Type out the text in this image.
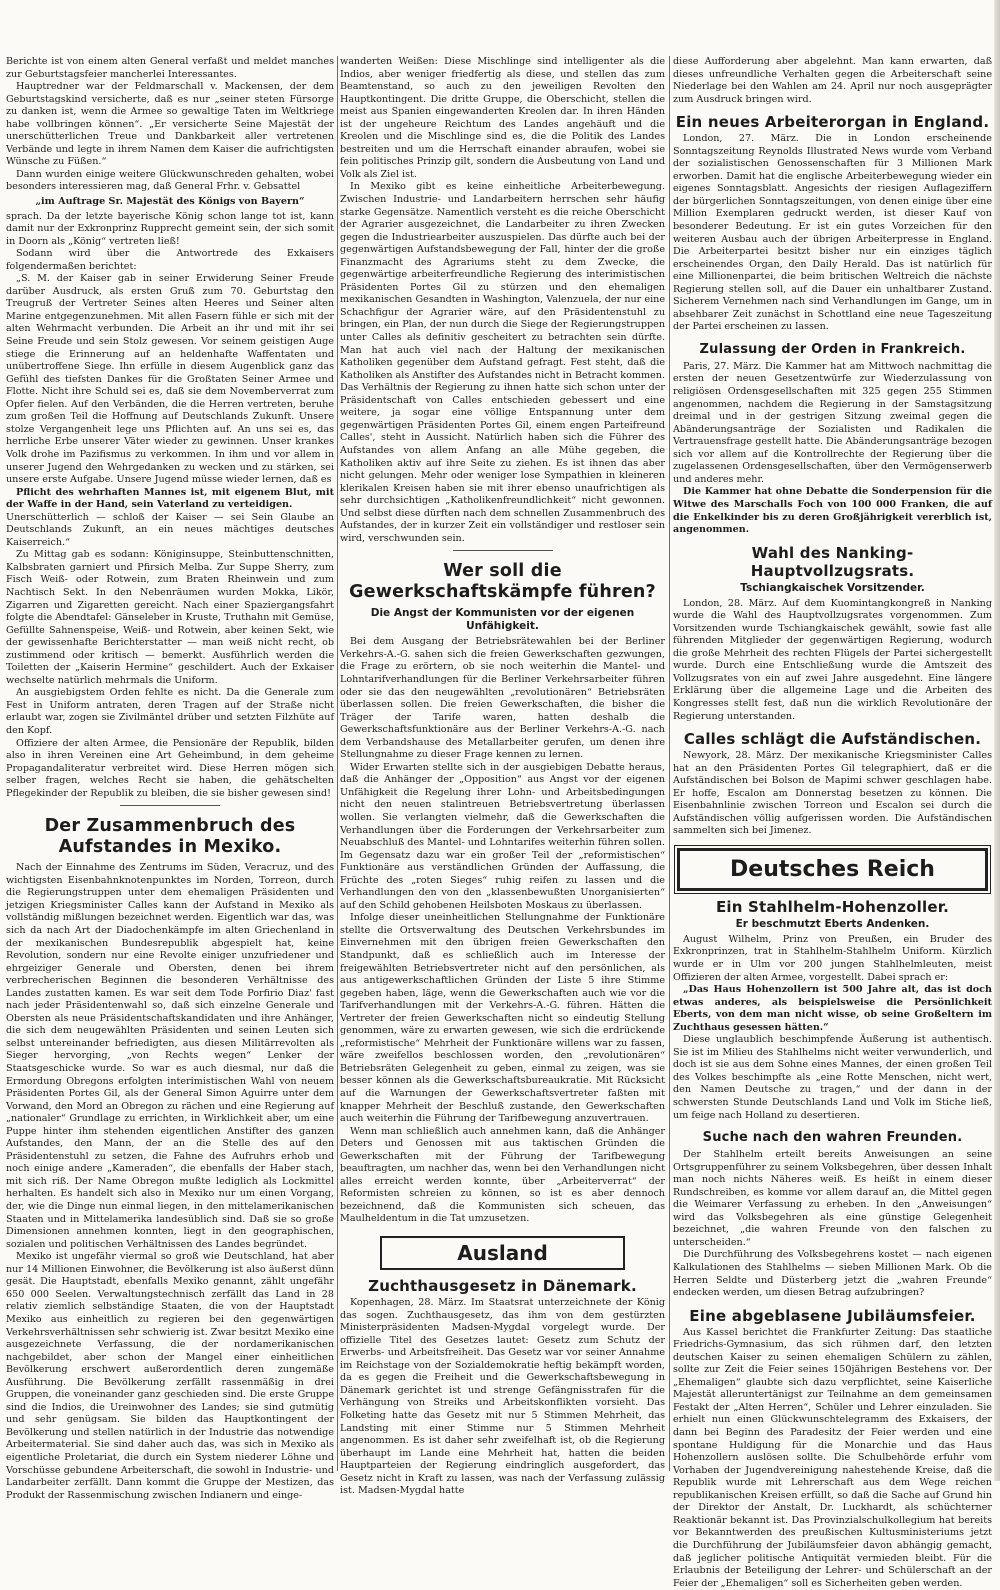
Berichte ist von einem alten General verfaßt und meldet manches zur Geburtstagsfeier mancherlei Interessantes.

Hauptredner war der Feldmarschall v. Mackensen, der dem Geburtstagskind versicherte, daß es nur „seiner steten Fürsorge zu danken ist, wenn die Armee so gewaltige Taten im Weltkriege habe vollbringen können“. „Er versicherte Seine Majestät der unerschütterlichen Treue und Dankbarkeit aller vertretenen Verbände und legte in ihrem Namen dem Kaiser die aufrichtigsten Wünsche zu Füßen.“

Dann wurden einige weitere Glückwunschreden gehalten, wobei besonders interessieren mag, daß General Frhr. v. Gebsattel

„im Auftrage Sr. Majestät des Königs von Bayern“

sprach. Da der letzte bayerische König schon lange tot ist, kann damit nur der Exkronprinz Rupprecht gemeint sein, der sich somit in Doorn als „König“ vertreten ließ!

Sodann wird über die Antwortrede des Exkaisers folgendermaßen berichtet:

„S. M. der Kaiser gab in seiner Erwiderung Seiner Freude darüber Ausdruck, als ersten Gruß zum 70. Geburtstag den Treugruß der Vertreter Seines alten Heeres und Seiner alten Marine entgegenzunehmen. Mit allen Fasern fühle er sich mit der alten Wehrmacht verbunden. Die Arbeit an ihr und mit ihr sei Seine Freude und sein Stolz gewesen. Vor seinem geistigen Auge stiege die Erinnerung auf an heldenhafte Waffentaten und unübertroffene Siege. Ihn erfülle in diesem Augenblick ganz das Gefühl des tiefsten Dankes für die Großtaten Seiner Armee und Flotte. Nicht ihre Schuld sei es, daß sie dem Novemberverrat zum Opfer fielen. Auf den Verbänden, die die Herren vertreten, beruhe zum großen Teil die Hoffnung auf Deutschlands Zukunft. Unsere stolze Vergangenheit lege uns Pflichten auf. An uns sei es, das herrliche Erbe unserer Väter wieder zu gewinnen. Unser krankes Volk drohe im Pazifismus zu verkommen. In ihm und vor allem in unserer Jugend den Wehrgedanken zu wecken und zu stärken, sei unsere erste Aufgabe. Unsere Jugend müsse wieder lernen, daß es

Pflicht des wehrhaften Mannes ist, mit eigenem Blut, mit der Waffe in der Hand, sein Vaterland zu verteidigen.

Unerschütterlich — schloß der Kaiser — sei Sein Glaube an Deutschlands Zukunft, an ein neues mächtiges deutsches Kaiserreich.“

Zu Mittag gab es sodann: Königinsuppe, Steinbuttenschnitten, Kalbsbraten garniert und Pfirsich Melba. Zur Suppe Sherry, zum Fisch Weiß- oder Rotwein, zum Braten Rheinwein und zum Nachtisch Sekt. In den Nebenräumen wurden Mokka, Likör, Zigarren und Zigaretten gereicht. Nach einer Spaziergangsfahrt folgte die Abendtafel: Gänseleber in Kruste, Truthahn mit Gemüse, Gefüllte Sahnenspeise, Weiß- und Rotwein, aber keinen Sekt, wie der gewissenhafte Berichterstatter — man weiß nicht recht, ob zustimmend oder kritisch — bemerkt. Ausführlich werden die Toiletten der „Kaiserin Hermine“ geschildert. Auch der Exkaiser wechselte natürlich mehrmals die Uniform.

An ausgiebigstem Orden fehlte es nicht. Da die Generale zum Fest in Uniform antraten, deren Tragen auf der Straße nicht erlaubt war, zogen sie Zivilmäntel drüber und setzten Filzhüte auf den Kopf.

Offiziere der alten Armee, die Pensionäre der Republik, bilden also in ihren Vereinen eine Art Geheimbund, in dem geheime Propagandaliteratur verbreitet wird. Diese Herren mögen sich selber fragen, welches Recht sie haben, die gehätschelten Pflegekinder der Republik zu bleiben, die sie bisher gewesen sind!

Der Zusammenbruch des Aufstandes in Mexiko.

Nach der Einnahme des Zentrums im Süden, Veracruz, und des wichtigsten Eisenbahnknotenpunktes im Norden, Torreon, durch die Regierungstruppen unter dem ehemaligen Präsidenten und jetzigen Kriegsminister Calles kann der Aufstand in Mexiko als vollständig mißlungen bezeichnet werden. Eigentlich war das, was sich da nach Art der Diadochenkämpfe im alten Griechenland in der mexikanischen Bundesrepublik abgespielt hat, keine Revolution, sondern nur eine Revolte einiger unzufriedener und ehrgeiziger Generale und Obersten, denen bei ihrem verbrecherischen Beginnen die besonderen Verhältnisse des Landes zustatten kamen. Es war seit dem Tode Porfirio Diaz' fast nach jeder Präsidentenwahl so, daß sich einzelne Generale und Obersten als neue Präsidentschaftskandidaten und ihre Anhänger, die sich dem neugewählten Präsidenten und seinen Leuten sich selbst untereinander befriedigten, aus diesen Militärrevolten als Sieger hervorging, „von Rechts wegen“ Lenker der Staatsgeschicke wurde. So war es auch diesmal, nur daß die Ermordung Obregons erfolgten interimistischen Wahl von neuem Präsidenten Portes Gil, als der General Simon Aguirre unter dem Vorwand, den Mord an Obregon zu rächen und eine Regierung auf „nationaler“ Grundlage zu errichten, in Wirklichkeit aber, um eine Puppe hinter ihm stehenden eigentlichen Anstifter des ganzen Aufstandes, den Mann, der an die Stelle des auf den Präsidentenstuhl zu setzen, die Fahne des Aufruhrs erhob und noch einige andere „Kameraden“, die ebenfalls der Haber stach, mit sich riß. Der Name Obregon mußte lediglich als Lockmittel herhalten. Es handelt sich also in Mexiko nur um einen Vorgang, der, wie die Dinge nun einmal liegen, in den mittelamerikanischen Staaten und in Mittelamerika landesüblich sind. Daß sie so große Dimensionen annehmen konnten, liegt in den geographischen, sozialen und politischen Verhältnissen des Landes begründet.

Mexiko ist ungefähr viermal so groß wie Deutschland, hat aber nur 14 Millionen Einwohner, die Bevölkerung ist also äußerst dünn gesät. Die Hauptstadt, ebenfalls Mexiko genannt, zählt ungefähr 650 000 Seelen. Verwaltungstechnisch zerfällt das Land in 28 relativ ziemlich selbständige Staaten, die von der Hauptstadt Mexiko aus einheitlich zu regieren bei den gegenwärtigen Verkehrsverhältnissen sehr schwierig ist. Zwar besitzt Mexiko eine ausgezeichnete Verfassung, die der nordamerikanischen nachgebildet, aber schon der Mangel einer einheitlichen Bevölkerung erschwert außerordentlich deren zungemäße Ausführung. Die Bevölkerung zerfällt rassenmäßig in drei Gruppen, die voneinander ganz geschieden sind. Die erste Gruppe sind die Indios, die Ureinwohner des Landes; sie sind gutmütig und sehr genügsam. Sie bilden das Hauptkontingent der Bevölkerung und stellen natürlich in der Industrie das notwendige Arbeitermaterial. Sie sind daher auch das, was sich in Mexiko als eigentliche Proletariat, die durch ein System niederer Löhne und Vorschüsse gebundene Arbeiterschaft, die sowohl in Industrie- und Landarbeiter zerfällt. Dann kommt die Gruppe der Mestizen, das Produkt der Rassenmischung zwischen Indianern und einge-

wanderten Weißen: Diese Mischlinge sind intelligenter als die Indios, aber weniger friedfertig als diese, und stellen das zum Beamtenstand, so auch zu den jeweiligen Revolten den Hauptkontingent. Die dritte Gruppe, die Oberschicht, stellen die meist aus Spanien eingewanderten Kreolen dar. In ihren Händen ist der ungeheure Reichtum des Landes angehäuft und die Kreolen und die Mischlinge sind es, die die Politik des Landes bestreiten und um die Herrschaft einander abraufen, wobei sie fein politisches Prinzip gilt, sondern die Ausbeutung von Land und Volk als Ziel ist.

In Mexiko gibt es keine einheitliche Arbeiterbewegung. Zwischen Industrie- und Landarbeitern herrschen sehr häufig starke Gegensätze. Namentlich versteht es die reiche Oberschicht der Agrarier ausgezeichnet, die Landarbeiter zu ihren Zwecken gegen die Industriearbeiter auszuspielen. Das dürfte auch bei der gegenwärtigen Aufstandsbewegung der Fall, hinter der die große Finanzmacht des Agrariums steht zu dem Zwecke, die gegenwärtige arbeiterfreundliche Regierung des interimistischen Präsidenten Portes Gil zu stürzen und den ehemaligen mexikanischen Gesandten in Washington, Valenzuela, der nur eine Schachfigur der Agrarier wäre, auf den Präsidentenstuhl zu bringen, ein Plan, der nun durch die Siege der Regierungstruppen unter Calles als definitiv gescheitert zu betrachten sein dürfte. Man hat auch viel nach der Haltung der mexikanischen Katholiken gegenüber dem Aufstand gefragt. Fest steht, daß die Katholiken als Anstifter des Aufstandes nicht in Betracht kommen. Das Verhältnis der Regierung zu ihnen hatte sich schon unter der Präsidentschaft von Calles entschieden gebessert und eine weitere, ja sogar eine völlige Entspannung unter dem gegenwärtigen Präsidenten Portes Gil, einem engen Parteifreund Calles', steht in Aussicht. Natürlich haben sich die Führer des Aufstandes von allem Anfang an alle Mühe gegeben, die Katholiken aktiv auf ihre Seite zu ziehen. Es ist ihnen das aber nicht gelungen. Mehr oder weniger lose Sympathien in kleineren klerikalen Kreisen haben sie mit ihrer ebenso unaufrichtigen als sehr durchsichtigen „Katholikenfreundlichkeit“ nicht gewonnen. Und selbst diese dürften nach dem schnellen Zusammenbruch des Aufstandes, der in kurzer Zeit ein vollständiger und restloser sein wird, verschwunden sein.

Wer soll die Gewerkschaftskämpfe führen?
Die Angst der Kommunisten vor der eigenen Unfähigkeit.

Bei dem Ausgang der Betriebsrätewahlen bei der Berliner Verkehrs-A.-G. sahen sich die freien Gewerkschaften gezwungen, die Frage zu erörtern, ob sie noch weiterhin die Mantel- und Lohntarifverhandlungen für die Berliner Verkehrsarbeiter führen oder sie das den neugewählten „revolutionären“ Betriebsräten überlassen sollen. Die freien Gewerkschaften, die bisher die Träger der Tarife waren, hatten deshalb die Gewerkschaftsfunktionäre aus der Berliner Verkehrs-A.-G. nach dem Verbandshause des Metallarbeiter gerufen, um denen ihre Stellungnahme zu dieser Frage kennen zu lernen.

Wider Erwarten stellte sich in der ausgiebigen Debatte heraus, daß die Anhänger der „Opposition“ aus Angst vor der eigenen Unfähigkeit die Regelung ihrer Lohn- und Arbeitsbedingungen nicht den neuen stalintreuen Betriebsvertretung überlassen wollen. Sie verlangten vielmehr, daß die Gewerkschaften die Verhandlungen über die Forderungen der Verkehrsarbeiter zum Neuabschluß des Mantel- und Lohntarifes weiterhin führen sollen. Im Gegensatz dazu war ein großer Teil der „reformistischen“ Funktionäre aus verständlichen Gründen der Auffassung, die Früchte des „roten Sieges“ ruhig reifen zu lassen und die Verhandlungen den von den „klassenbewußten Unorganisierten“ auf den Schild gehobenen Heilsboten Moskaus zu überlassen.

Infolge dieser uneinheitlichen Stellungnahme der Funktionäre stellte die Ortsverwaltung des Deutschen Verkehrsbundes im Einvernehmen mit den übrigen freien Gewerkschaften den Standpunkt, daß es schließlich auch im Interesse der freigewählten Betriebsvertreter nicht auf den persönlichen, als aus antigewerkschaftlichen Gründen der Liste 5 ihre Stimme gegeben haben, läge, wenn die Gewerkschaften auch wie vor die Tarifverhandlungen mit der Verkehrs-A.-G. führen. Hätten die Vertreter der freien Gewerkschaften nicht so eindeutig Stellung genommen, wäre zu erwarten gewesen, wie sich die erdrückende „reformistische“ Mehrheit der Funktionäre willens war zu fassen, wäre zweifellos beschlossen worden, den „revolutionären“ Betriebsräten Gelegenheit zu geben, einmal zu zeigen, was sie besser können als die Gewerkschaftsbureaukratie. Mit Rücksicht auf die Warnungen der Gewerkschaftsvertreter faßten mit knapper Mehrheit der Beschluß zustande, den Gewerkschaften auch weiterhin die Führung der Tarifbewegung anzuvertrauen.

Wenn man schließlich auch annehmen kann, daß die Anhänger Deters und Genossen mit aus taktischen Gründen die Gewerkschaften mit der Führung der Tarifbewegung beauftragten, um nachher das, wenn bei den Verhandlungen nicht alles erreicht werden konnte, über „Arbeiterverrat“ der Reformisten schreien zu können, so ist es aber dennoch bezeichnend, daß die Kommunisten sich scheuen, das Maulheldentum in die Tat umzusetzen.

Ausland
Zuchthausgesetz in Dänemark.

Kopenhagen, 28. März. Im Staatsrat unterzeichnete der König das sogen. Zuchthausgesetz, das ihm von dem gestürzten Ministerpräsidenten Madsen-Mygdal vorgelegt wurde. Der offizielle Titel des Gesetzes lautet: Gesetz zum Schutz der Erwerbs- und Arbeitsfreiheit. Das Gesetz war vor seiner Annahme im Reichstage von der Sozialdemokratie heftig bekämpft worden, da es gegen die Freiheit und die Gewerkschaftsbewegung in Dänemark gerichtet ist und strenge Gefängnisstrafen für die Verhängung von Streiks und Arbeitskonflikten vorsieht. Das Folketing hatte das Gesetz mit nur 5 Stimmen Mehrheit, das Landsting mit einer Stimme nur 5 Stimmen Mehrheit angenommen. Es ist daher sehr zweifelhaft ist, ob die Regierung überhaupt im Lande eine Mehrheit hat, hatten die beiden Hauptparteien der Regierung eindringlich ausgefordert, das Gesetz nicht in Kraft zu lassen, was nach der Verfassung zulässig ist. Madsen-Mygdal hatte

diese Aufforderung aber abgelehnt. Man kann erwarten, daß dieses unfreundliche Verhalten gegen die Arbeiterschaft seine Niederlage bei den Wahlen am 24. April nur noch ausgeprägter zum Ausdruck bringen wird.

Ein neues Arbeiterorgan in England.

London, 27. März. Die in London erscheinende Sonntagszeitung Reynolds Illustrated News wurde vom Verband der sozialistischen Genossenschaften für 3 Millionen Mark erworben. Damit hat die englische Arbeiterbewegung wieder ein eigenes Sonntagsblatt. Angesichts der riesigen Auflageziffern der bürgerlichen Sonntagszeitungen, von denen einige über eine Million Exemplaren gedruckt werden, ist dieser Kauf von besonderer Bedeutung. Er ist ein gutes Vorzeichen für den weiteren Ausbau auch der übrigen Arbeiterpresse in England. Die Arbeiterpartei besitzt bisher nur ein einziges täglich erscheinendes Organ, den Daily Herald. Das ist natürlich für eine Millionenpartei, die beim britischen Weltreich die nächste Regierung stellen soll, auf die Dauer ein unhaltbarer Zustand. Sicherem Vernehmen nach sind Verhandlungen im Gange, um in absehbarer Zeit zunächst in Schottland eine neue Tageszeitung der Partei erscheinen zu lassen.

Zulassung der Orden in Frankreich.

Paris, 27. März. Die Kammer hat am Mittwoch nachmittag die ersten der neuen Gesetzentwürfe zur Wiederzulassung von religiösen Ordensgesellschaften mit 325 gegen 255 Stimmen angenommen, nachdem die Regierung in der Samstagsitzung dreimal und in der gestrigen Sitzung zweimal gegen die Abänderungsanträge der Sozialisten und Radikalen die Vertrauensfrage gestellt hatte. Die Abänderungsanträge bezogen sich vor allem auf die Kontrollrechte der Regierung über die zugelassenen Ordensgesellschaften, über den Vermögenserwerb und anderes mehr.

Die Kammer hat ohne Debatte die Sonderpension für die Witwe des Marschalls Foch von 100 000 Franken, die auf die Enkelkinder bis zu deren Großjährigkeit vererblich ist, angenommen.

Wahl des Nanking-Hauptvollzugsrats.
Tschiangkaischek Vorsitzender.

London, 28. März. Auf dem Kuomintangkongreß in Nanking wurde die Wahl des Hauptvollzugsrates vorgenommen. Zum Vorsitzenden wurde Tschiangkaischek gewählt, sowie fast alle führenden Mitglieder der gegenwärtigen Regierung, wodurch die große Mehrheit des rechten Flügels der Partei sichergestellt wurde. Durch eine Entschließung wurde die Amtszeit des Vollzugsrates von ein auf zwei Jahre ausgedehnt. Eine längere Erklärung über die allgemeine Lage und die Arbeiten des Kongresses stellt fest, daß nun die wirklich Revolutionäre der Regierung unterstanden.

Calles schlägt die Aufständischen.

Newyork, 28. März. Der mexikanische Kriegsminister Calles hat an den Präsidenten Portes Gil telegraphiert, daß er die Aufständischen bei Bolson de Mapimi schwer geschlagen habe. Er hoffe, Escalon am Donnerstag besetzen zu können. Die Eisenbahnlinie zwischen Torreon und Escalon sei durch die Aufständischen völlig aufgerissen worden. Die Aufständischen sammelten sich bei Jimenez.

Deutsches Reich
Ein Stahlhelm-Hohenzoller.
Er beschmutzt Eberts Andenken.

August Wilhelm, Prinz von Preußen, ein Bruder des Exkronprinzen, trat in Stahlhelm-Stahlhelm Uniform. Kürzlich wurde er in Ulm vor 200 jungen Stahlhelmleuten, meist Offizieren der alten Armee, vorgestellt. Dabei sprach er:

„Das Haus Hohenzollern ist 500 Jahre alt, das ist doch etwas anderes, als beispielsweise die Persönlichkeit Eberts, von dem man nicht wisse, ob seine Großeltern im Zuchthaus gesessen hätten.“

Diese unglaublich beschimpfende Äußerung ist authentisch. Sie ist im Milieu des Stahlhelms nicht weiter verwunderlich, und doch ist sie aus dem Sohne eines Mannes, der einen großen Teil des Volkes beschimpfte als „eine Rotte Menschen, nicht wert, den Namen Deutsche zu tragen,“ und der dann in der schwersten Stunde Deutschlands Land und Volk im Stiche ließ, um feige nach Holland zu desertieren.

Suche nach den wahren Freunden.

Der Stahlhelm erteilt bereits Anweisungen an seine Ortsgruppenführer zu seinem Volksbegehren, über dessen Inhalt man noch nichts Näheres weiß. Es heißt in einem dieser Rundschreiben, es komme vor allem darauf an, die Mittel gegen die Weimarer Verfassung zu erheben. In den „Anweisungen“ wird das Volksbegehren als eine günstige Gelegenheit bezeichnet, „die wahren Freunde von den falschen zu unterscheiden.“

Die Durchführung des Volksbegehrens kostet — nach eigenen Kalkulationen des Stahlhelms — sieben Millionen Mark. Ob die Herren Seldte und Düsterberg jetzt die „wahren Freunde“ endecken werden, um diesen Betrag aufzubringen?

Eine abgeblasene Jubiläumsfeier.

Aus Kassel berichtet die Frankfurter Zeitung: Das staatliche Friedrichs-Gymnasium, das sich rühmen darf, den letzten deutschen Kaiser zu seinen ehemaligen Schülern zu zählen, sollte zur Zeit die Feier seines 150jährigen Bestehens vor. Der „Ehemaligen“ glaubte sich dazu verpflichtet, seine Kaiserliche Majestät alleruntertänigst zur Teilnahme an dem gemeinsamen Festakt der „Alten Herren“, Schüler und Lehrer einzuladen. Sie erhielt nun einen Glückwunschtelegramm des Exkaisers, der dann bei Beginn des Paradesitz der Feier werden und eine spontane Huldigung für die Monarchie und das Haus Hohenzollern auslösen sollte. Die Schulbehörde erfuhr vom Vorhaben der Jugendvereinigung nahestehende Kreise, daß die Republik wurde mit Lehrerschaft aus dem Wege reichen republikanischen Kreisen erfüllt, so daß die Sache auf Grund hin der Direktor der Anstalt, Dr. Luckhardt, als schüchterner Reaktionär bekannt ist. Das Provinzialschulkollegium hat bereits vor Bekanntwerden des preußischen Kultusministeriums jetzt die Durchführung der Jubiläumsfeier davon abhängig gemacht, daß jeglicher politische Antiquität vermieden bleibt. Für die Erlaubnis der Beteiligung der Lehrer- und Schülerschaft an der Feier der „Ehemaligen“ soll es Sicherheiten geben werden.
